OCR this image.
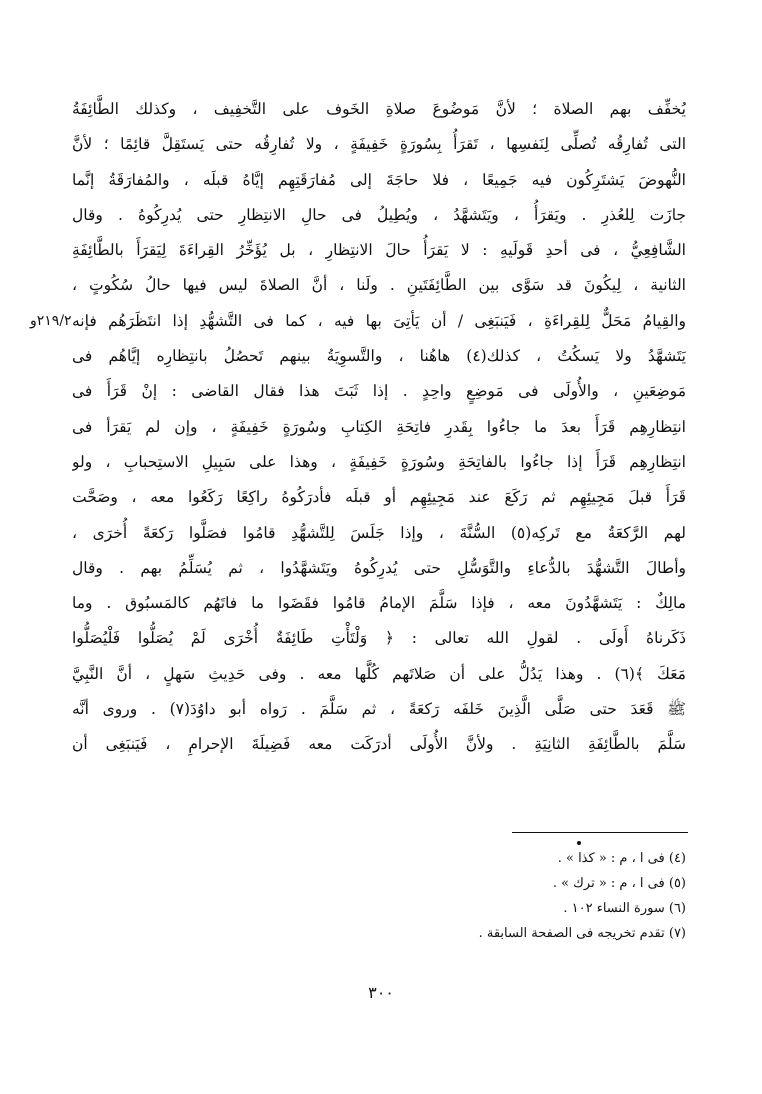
٢١٩/٢و
يُخفِّف بهم الصلاة ؛ لأنَّ مَوضُوعَ صلاةِ الخَوف على التَّخفِيف ، وكذلك الطَّائِفَةُ
التى تُفارِقُه تُصلِّى لِنَفسِها ، تَقرَأُ بِسُورَةٍ خَفِيفَةٍ ، ولا تُفارِقُه حتى يَستَقِلَّ قائِمًا ؛ لأنَّ
النُّهوضَ يَشتَرِكُون فيه جَمِيعًا ، فلا حاجَةَ إلى مُفارَقَتِهِم إيَّاهُ قبلَه ، والمُفارَقَةُ إنَّما
جازَت لِلعُذرِ . ويَقرَأُ ، ويَتَشهَّدُ ، ويُطِيلُ فى حالِ الانتِظارِ حتى يُدرِكُوهُ . وقال
الشَّافِعِيُّ ، فى أحدِ قَولَيهِ : لا يَقرَأُ حالَ الانتِظارِ ، بل يُؤَخِّرُ القِراءَةَ لِيَقرَأَ بالطَّائِفَةِ
الثانية ، لِيكُونَ قد سَوَّى بين الطَّائِفَتَينِ . ولَنا ، أنَّ الصلاةَ ليس فيها حالُ سُكُوتٍ ،
والقِيامُ مَحَلٌّ لِلقِراءَةِ ، فَيَنبَغِى / أن يَأتِىَ بها فيه ، كما فى التَّشهُّدِ إذا انتَظَرَهُم فإنه
يَتَشهَّدُ ولا يَسكُتُ ، كذلك(٤) هاهُنا ، والتَّسوِيَةُ بينهم تَحصُلُ بانتِظارِه إيَّاهُم فى
مَوضِعَينِ ، والأُولَى فى مَوضِعٍ واحِدٍ . إذا ثَبَتَ هذا فقال القاضى : إنْ قَرَأَ فى
انتِظارِهِم قَرَأَ بعدَ ما جاءُوا بِقَدرِ فاتِحَةِ الكِتابِ وسُورَةٍ خَفِيفَةٍ ، وإن لم يَقرَأ فى
انتِظارِهِم قَرَأَ إذا جاءُوا بالفاتِحَةِ وسُورَةٍ خَفِيفَةٍ ، وهذا على سَبِيلِ الاستِحبابِ ، ولو
قَرَأَ قبلَ مَجِيئِهِم ثم رَكَعَ عند مَجِيئِهِم أو قبلَه فأدرَكُوهُ راكِعًا رَكَعُوا معه ، وصَحَّت
لهم الرَّكعَةُ مع تَركِه(٥) السُّنَّةَ ، وإذا جَلَسَ لِلتَّشهُّدِ قامُوا فصَلَّوا رَكعَةً أُخرَى ،
وأطالَ التَّشهُّدَ بالدُّعاءِ والتَّوَسُّلِ حتى يُدرِكُوهُ ويَتَشهَّدُوا ، ثم يُسَلِّمُ بهم . وقال
مالِكٌ : يَتَشهَّدُونَ معه ، فإذا سَلَّمَ الإمامُ قامُوا فقَضَوا ما فاتَهُم كالمَسبُوق . وما
ذَكَرناهُ أَولَى . لقولِ الله تعالى : ﴿ وَلْتَأْتِ طَائِفَةٌ أُخْرَى لَمْ يُصَلُّوا فَلْيُصَلُّوا
مَعَكَ ﴾(٦) . وهذا يَدُلُّ على أن صَلاتَهم كُلَّها معه . وفى حَدِيثِ سَهلٍ ، أنَّ النَّبِيَّ
ﷺ قَعَدَ حتى صَلَّى الَّذِينَ خَلفَه رَكعَةً ، ثم سَلَّمَ . رَواه أبو داوُدَ(٧) . وروى أنَّه
سَلَّمَ بالطَّائِفَةِ الثانِيَةِ . ولأنَّ الأُولَى أدرَكَت معه فَضِيلَةَ الإحرامِ ، فَيَنبَغِى أن
(٤) فى ا ، م : « كذا » .
(٥) فى ا ، م : « ترك » .
(٦) سورة النساء ١٠٢ .
(٧) تقدم تخريجه فى الصفحة السابقة .
٣٠٠
